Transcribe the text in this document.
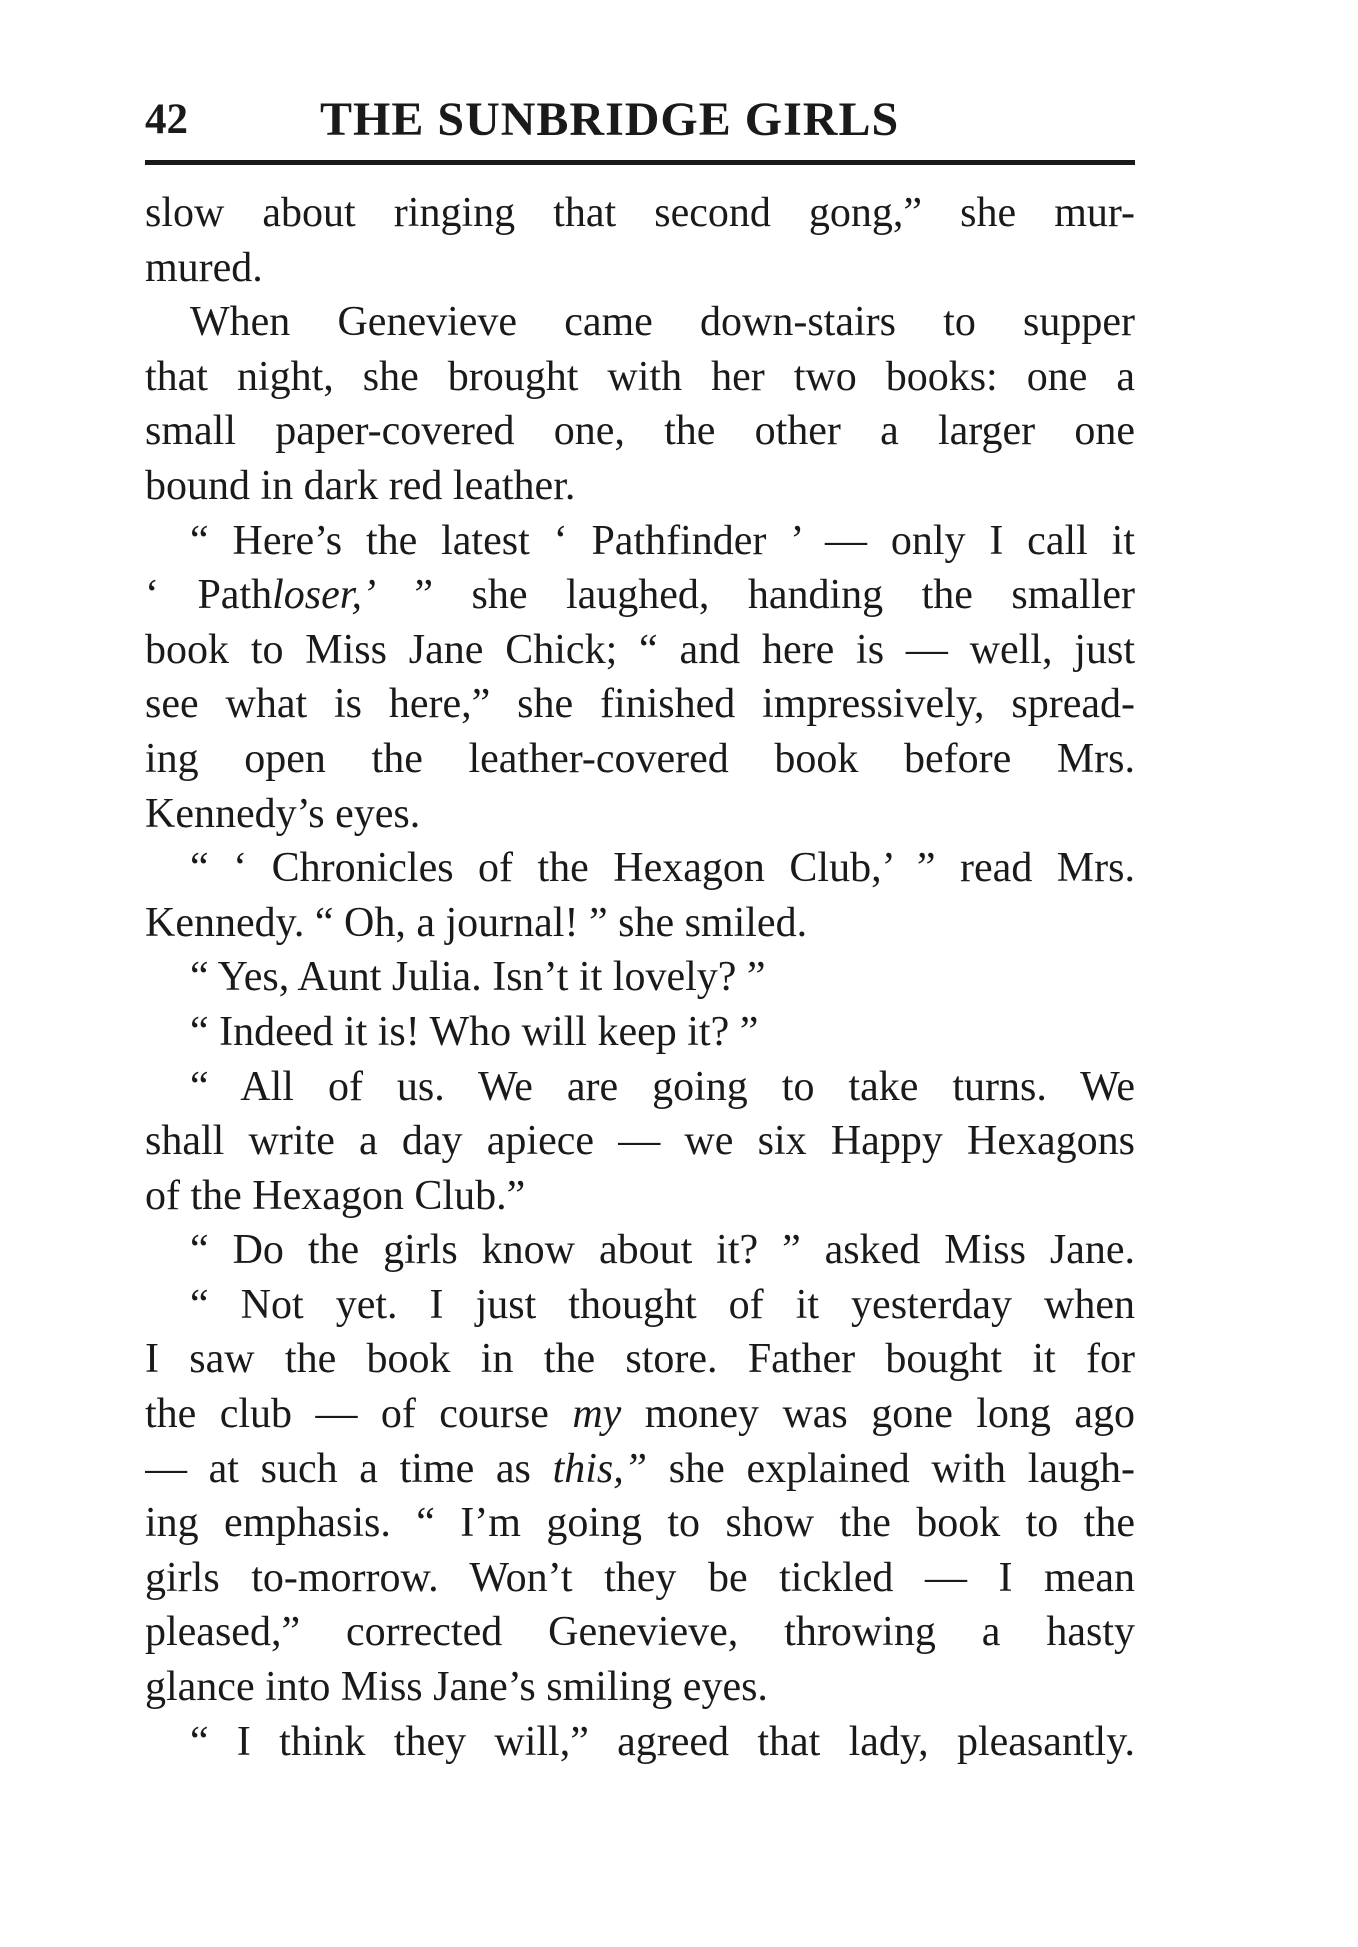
42	THE SUNBRIDGE GIRLS
slow about ringing that second gong,” she mur-
mured.
When Genevieve came down-stairs to supper
that night, she brought with her two books: one a
small paper-covered one, the other a larger one
bound in dark red leather.
“ Here’s the latest ‘ Pathfinder ’ — only I call it
‘ Pathloser,’ ” she laughed, handing the smaller
book to Miss Jane Chick; “ and here is — well, just
see what is here,” she finished impressively, spread-
ing open the leather-covered book before Mrs.
Kennedy’s eyes.
“ ‘ Chronicles of the Hexagon Club,’ ” read Mrs.
Kennedy. “ Oh, a journal! ” she smiled.
“ Yes, Aunt Julia. Isn’t it lovely? ”
“ Indeed it is! Who will keep it? ”
“ All of us. We are going to take turns. We
shall write a day apiece — we six Happy Hexagons
of the Hexagon Club.”
“ Do the girls know about it? ” asked Miss Jane.
“ Not yet. I just thought of it yesterday when
I saw the book in the store. Father bought it for
the club — of course my money was gone long ago
— at such a time as this,” she explained with laugh-
ing emphasis. “ I’m going to show the book to the
girls to-morrow. Won’t they be tickled — I mean
pleased,” corrected Genevieve, throwing a hasty
glance into Miss Jane’s smiling eyes.
“ I think they will,” agreed that lady, pleasantly.
